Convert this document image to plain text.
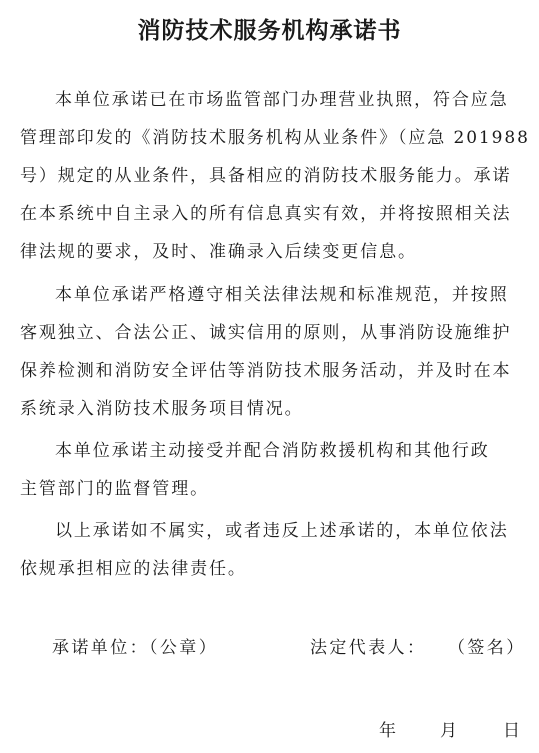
消防技术服务机构承诺书
本单位承诺已在市场监管部门办理营业执照，符合应急
管理部印发的《消防技术服务机构从业条件》（应急 201988
号）规定的从业条件，具备相应的消防技术服务能力。承诺
在本系统中自主录入的所有信息真实有效，并将按照相关法
律法规的要求，及时、准确录入后续变更信息。
本单位承诺严格遵守相关法律法规和标准规范，并按照
客观独立、合法公正、诚实信用的原则，从事消防设施维护
保养检测和消防安全评估等消防技术服务活动，并及时在本
系统录入消防技术服务项目情况。
本单位承诺主动接受并配合消防救援机构和其他行政
主管部门的监督管理。
以上承诺如不属实，或者违反上述承诺的，本单位依法
依规承担相应的法律责任。
承诺单位：（公章）	法定代表人： （签名）
年	月	日
